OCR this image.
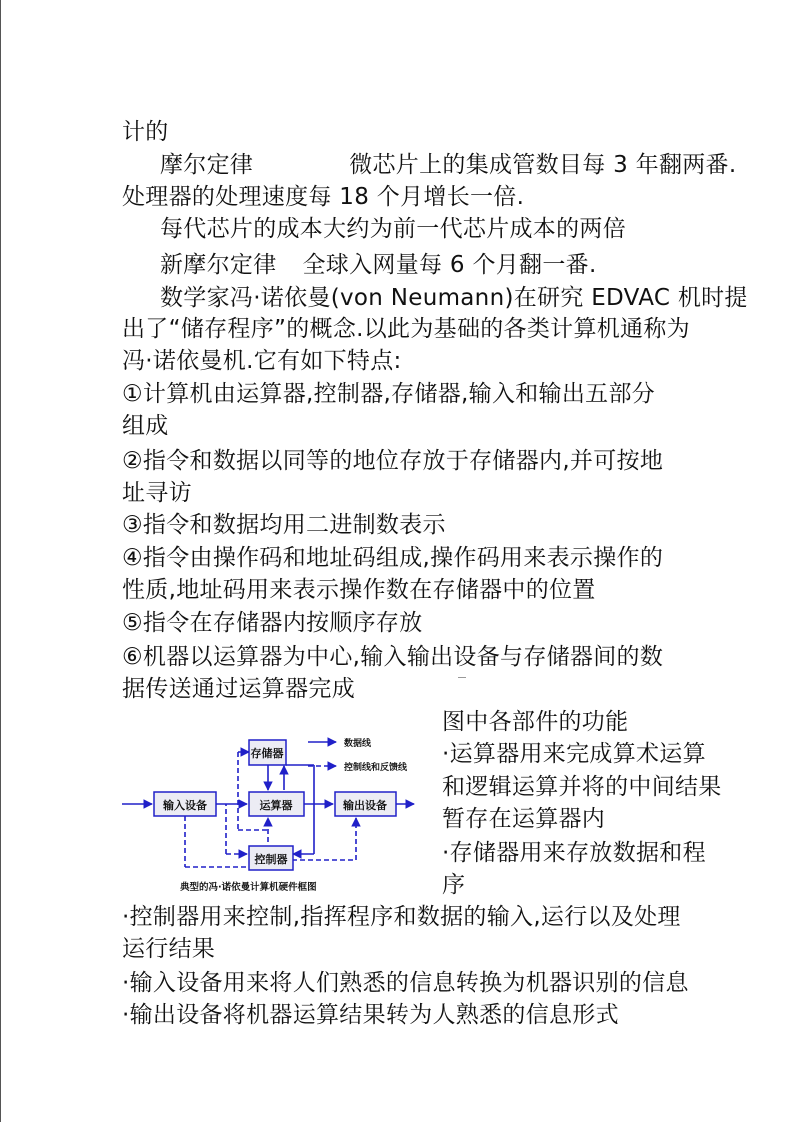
计的
摩尔定律	微芯片上的集成管数目每 3 年翻两番.
处理器的处理速度每 18 个月增长一倍.
每代芯片的成本大约为前一代芯片成本的两倍
新摩尔定律 全球入网量每 6 个月翻一番.
数学家冯·诺依曼(von Neumann)在研究 EDVAC 机时提
出了“储存程序”的概念.以此为基础的各类计算机通称为
冯·诺依曼机.它有如下特点:
①计算机由运算器,控制器,存储器,输入和输出五部分
组成
②指令和数据以同等的地位存放于存储器内,并可按地
址寻访
③指令和数据均用二进制数表示
④指令由操作码和地址码组成,操作码用来表示操作的
性质,地址码用来表示操作数在存储器中的位置
⑤指令在存储器内按顺序存放
⑥机器以运算器为中心,输入输出设备与存储器间的数
据传送通过运算器完成
图中各部件的功能
·运算器用来完成算术运算
和逻辑运算并将的中间结果
暂存在运算器内
·存储器用来存放数据和程
序
存储器
输入设备	运算器	输出设备
控制器
数据线
控制线和反馈线
典型的冯·诺依曼计算机硬件框图
·控制器用来控制,指挥程序和数据的输入,运行以及处理
运行结果
·输入设备用来将人们熟悉的信息转换为机器识别的信息
·输出设备将机器运算结果转为人熟悉的信息形式
